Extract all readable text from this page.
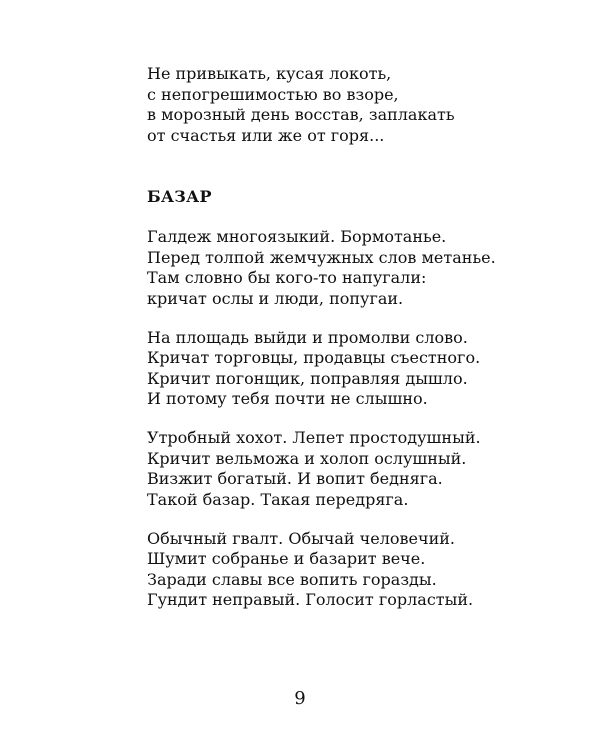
Не привыкать, кусая локоть,

с непогрешимостью во взоре,

в морозный день восстав, заплакать

от счастья или же от горя...

БАЗАР

Галдеж многоязыкий. Бормотанье.

Перед толпой жемчужных слов метанье.

Там словно бы кого-то напугали:

кричат ослы и люди, попугаи.

На площадь выйди и промолви слово.

Кричат торговцы, продавцы съестного.

Кричит погонщик, поправляя дышло.

И потому тебя почти не слышно.

Утробный хохот. Лепет простодушный.

Кричит вельможа и холоп ослушный.

Визжит богатый. И вопит бедняга.

Такой базар. Такая передряга.

Обычный гвалт. Обычай человечий.

Шумит собранье и базарит вече.

Заради славы все вопить горазды.

Гундит неправый. Голосит горластый.

9
